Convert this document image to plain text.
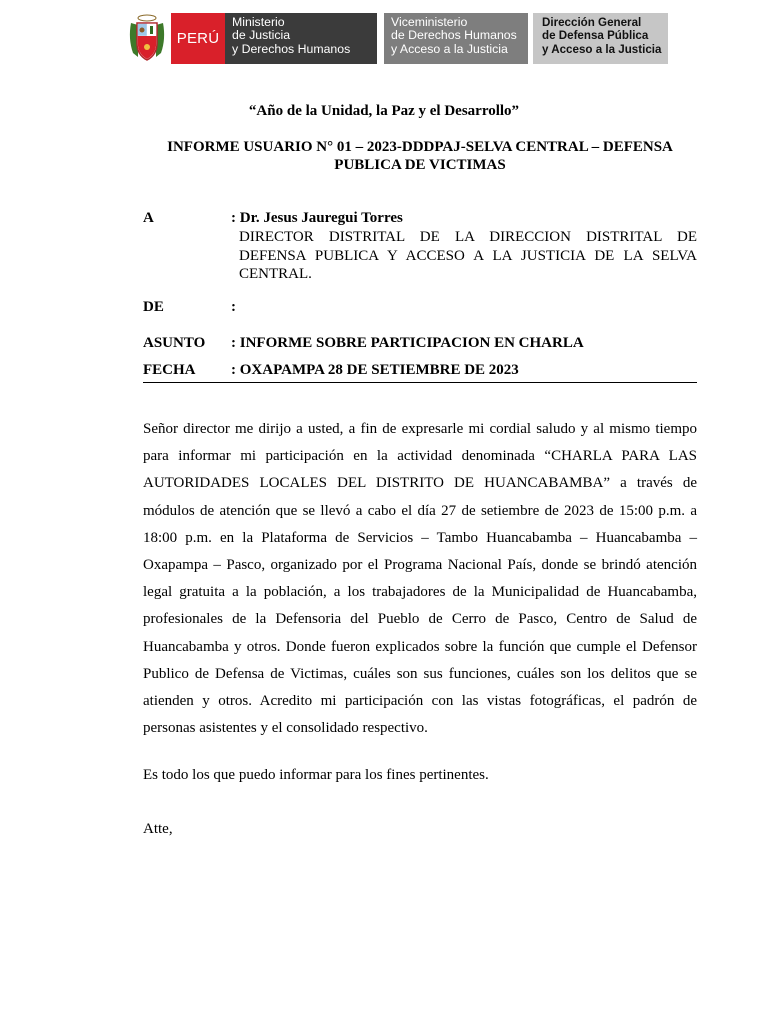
PERÚ
Ministerio
de Justicia
y Derechos Humanos
Viceministerio
de Derechos Humanos
y Acceso a la Justicia
Dirección General
de Defensa Pública
y Acceso a la Justicia
“Año de la Unidad, la Paz y el Desarrollo”
INFORME USUARIO N° 01 – 2023-DDDPAJ-SELVA CENTRAL – DEFENSA
PUBLICA DE VICTIMAS
A	: Dr. Jesus Jauregui Torres
DIRECTOR DISTRITAL DE LA DIRECCION DISTRITAL DE
DEFENSA PUBLICA Y ACCESO A LA JUSTICIA DE LA SELVA
CENTRAL.
DE	:
ASUNTO : INFORME SOBRE PARTICIPACION EN CHARLA
FECHA : OXAPAMPA 28 DE SETIEMBRE DE 2023
Señor director me dirijo a usted, a fin de expresarle mi cordial saludo y al mismo tiempo
para informar mi participación en la actividad denominada “CHARLA PARA LAS
AUTORIDADES LOCALES DEL DISTRITO DE HUANCABAMBA” a través de
módulos de atención que se llevó a cabo el día 27 de setiembre de 2023 de 15:00 p.m. a
18:00 p.m. en la Plataforma de Servicios – Tambo Huancabamba – Huancabamba –
Oxapampa – Pasco, organizado por el Programa Nacional País, donde se brindó atención
legal gratuita a la población, a los trabajadores de la Municipalidad de Huancabamba,
profesionales de la Defensoria del Pueblo de Cerro de Pasco, Centro de Salud de
Huancabamba y otros. Donde fueron explicados sobre la función que cumple el Defensor
Publico de Defensa de Victimas, cuáles son sus funciones, cuáles son los delitos que se
atienden y otros. Acredito mi participación con las vistas fotográficas, el padrón de
personas asistentes y el consolidado respectivo.
Es todo los que puedo informar para los fines pertinentes.
Atte,
